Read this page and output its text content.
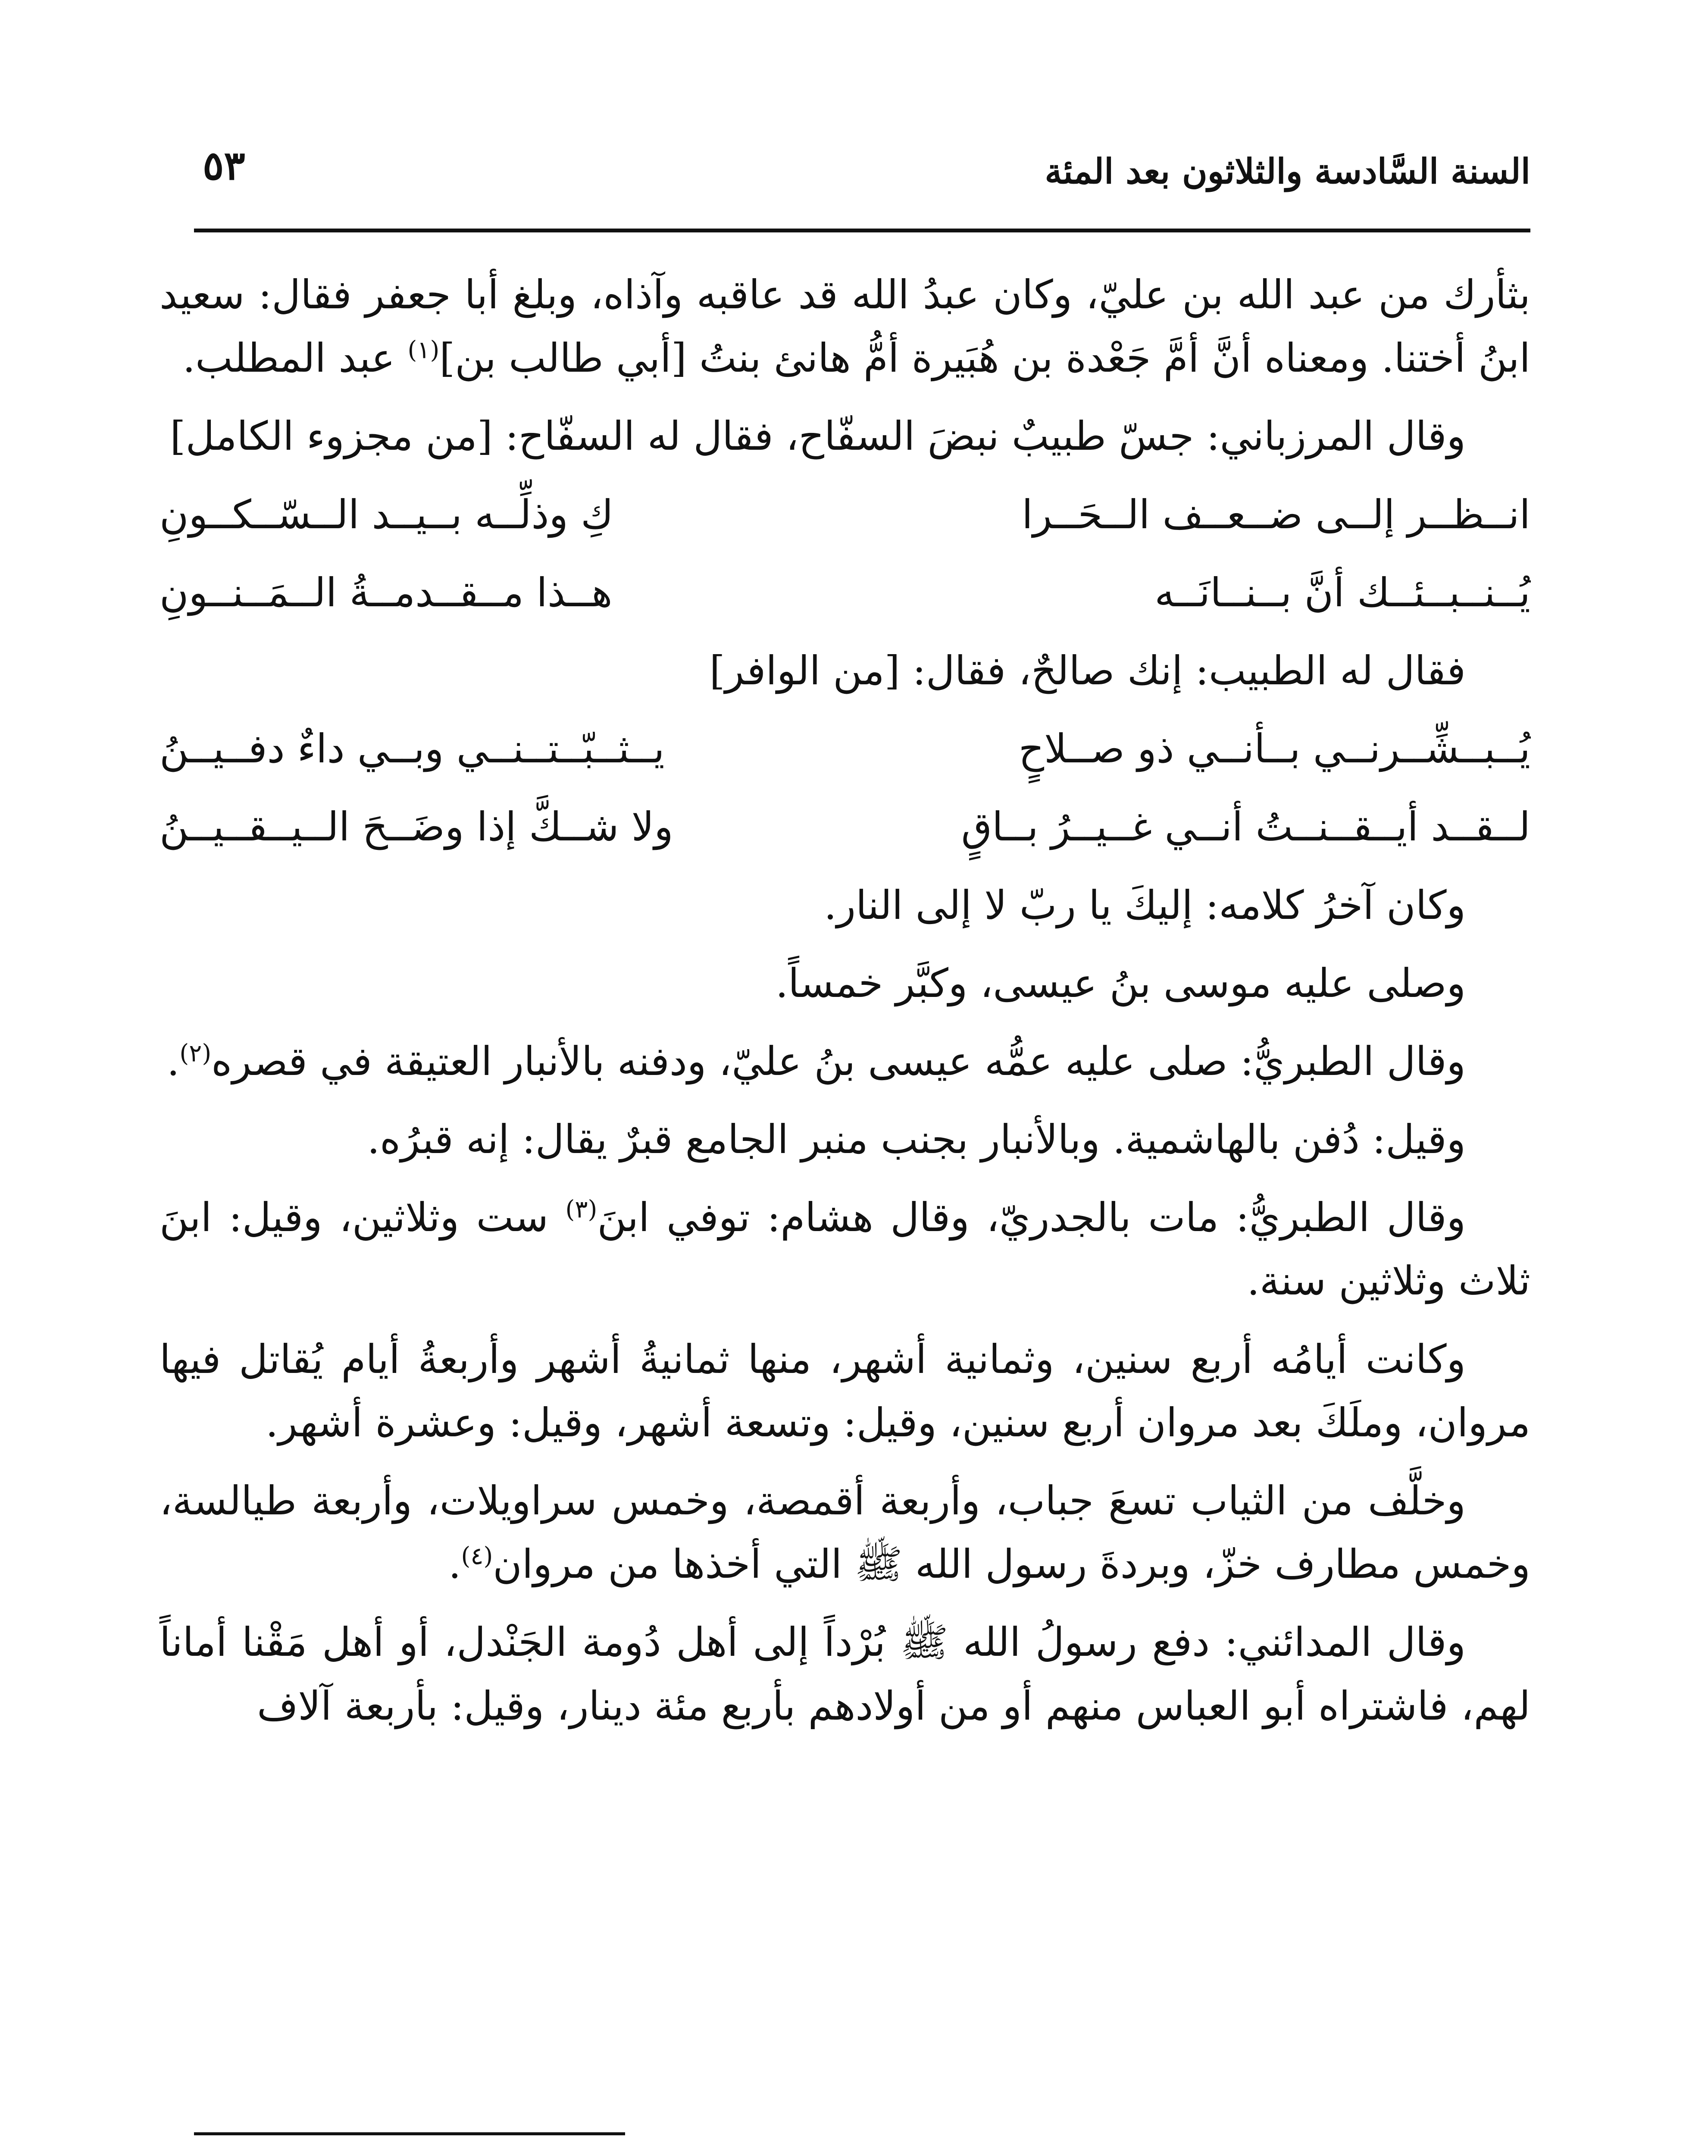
السنة السَّادسة والثلاثون بعد المئة
٥٣

بثأرك من عبد الله بن عليّ، وكان عبدُ الله قد عاقبه وآذاه، وبلغ أبا جعفر فقال: سعيد ابنُ أختنا. ومعناه أنَّ أمَّ جَعْدة بن هُبَيرة أمُّ هانئ بنتُ [أبي طالب بن]$^{(١)}$ عبد المطلب.

وقال المرزباني: جسّ طبيبٌ نبضَ السفّاح، فقال له السفّاح: [من مجزوء الكامل]

انــظــر إلــى ضــعــف الــحَــرا
كِ وذلِّــه بــيــد الــسّــكــونِ
يُــنــبــئــك أنَّ بــنــانَــه
هــذا مــقــدمــةُ الــمَــنــونِ

فقال له الطبيب: إنك صالحٌ، فقال: [من الوافر]

يُــبــشِّــرنــي بــأنــي ذو صــلاحٍ
يــثــبّــتــنــي وبــي داءٌ دفــيــنُ
لــقــد أيــقــنــتُ أنــي غــيــرُ بــاقٍ
ولا شــكَّ إذا وضَــحَ الــيــقــيــنُ

وكان آخرُ كلامه: إليكَ يا ربّ لا إلى النار.

وصلى عليه موسى بنُ عيسى، وكبَّر خمساً.

وقال الطبريُّ: صلى عليه عمُّه عيسى بنُ عليّ، ودفنه بالأنبار العتيقة في قصره$^{(٢)}$.

وقيل: دُفن بالهاشمية. وبالأنبار بجنب منبر الجامع قبرٌ يقال: إنه قبرُه.

وقال الطبريُّ: مات بالجدريّ، وقال هشام: توفي ابنَ$^{(٣)}$ ست وثلاثين، وقيل: ابنَ ثلاث وثلاثين سنة.

وكانت أيامُه أربع سنين، وثمانية أشهر، منها ثمانيةُ أشهر وأربعةُ أيام يُقاتل فيها مروان، وملَكَ بعد مروان أربع سنين، وقيل: وتسعة أشهر، وقيل: وعشرة أشهر.

وخلَّف من الثياب تسعَ جباب، وأربعة أقمصة، وخمس سراويلات، وأربعة طيالسة، وخمس مطارف خزّ، وبردةَ رسول الله ﷺ التي أخذها من مروان$^{(٤)}$.

وقال المدائني: دفع رسولُ الله ﷺ بُرْداً إلى أهل دُومة الجَنْدل، أو أهل مَقْنا أماناً لهم، فاشتراه أبو العباس منهم أو من أولادهم بأربع مئة دينار، وقيل: بأربعة آلاف
